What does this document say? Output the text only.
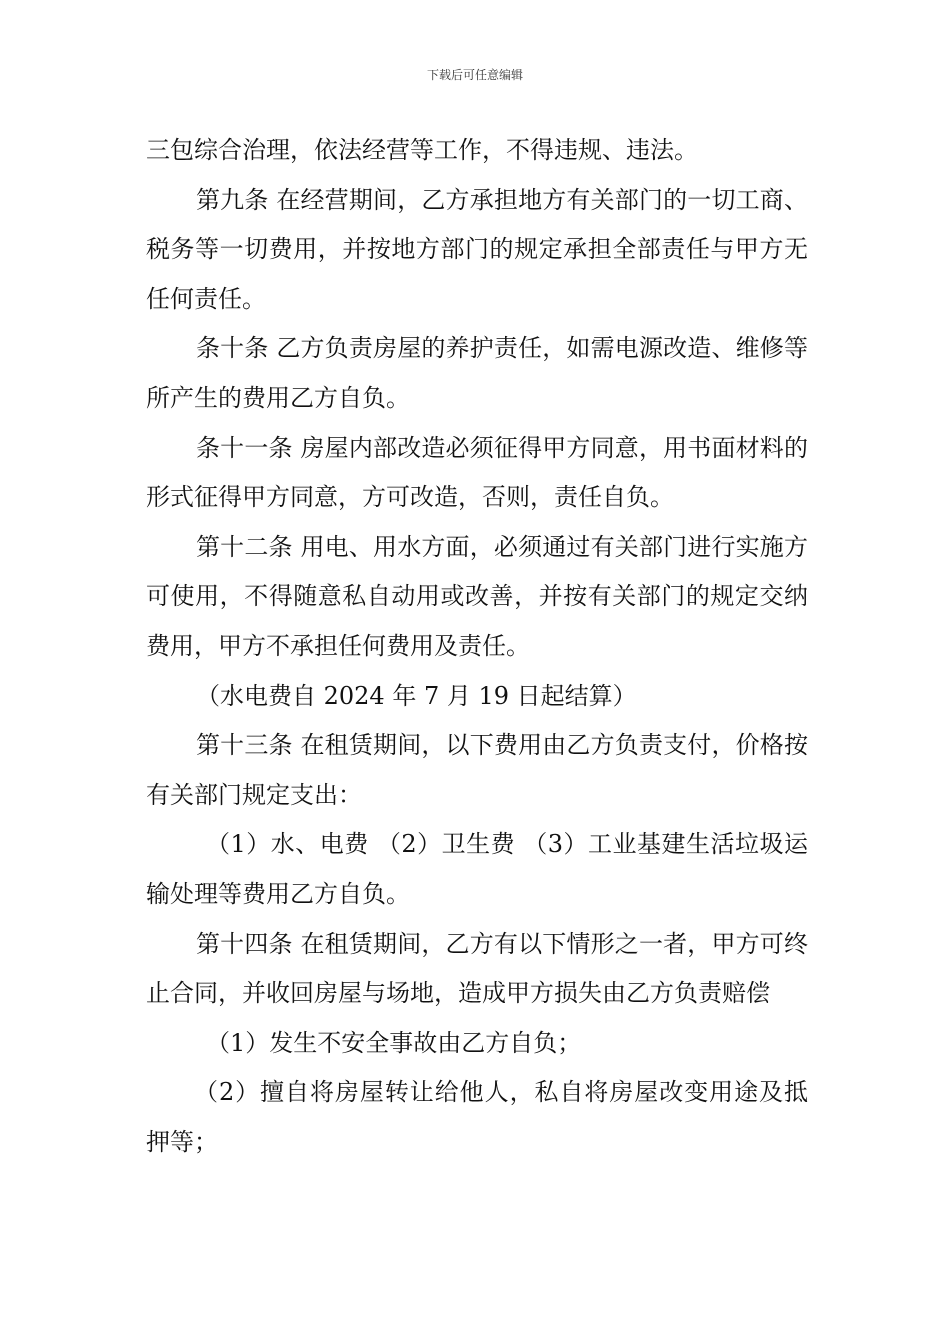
下载后可任意编辑

三包综合治理，依法经营等工作，不得违规、违法。

第九条 在经营期间，乙方承担地方有关部门的一切工商、税务等一切费用，并按地方部门的规定承担全部责任与甲方无任何责任。

条十条 乙方负责房屋的养护责任，如需电源改造、维修等所产生的费用乙方自负。

条十一条 房屋内部改造必须征得甲方同意，用书面材料的形式征得甲方同意，方可改造，否则，责任自负。

第十二条 用电、用水方面，必须通过有关部门进行实施方可使用，不得随意私自动用或改善，并按有关部门的规定交纳费用，甲方不承担任何费用及责任。

（水电费自 2024 年 7 月 19 日起结算）

第十三条 在租赁期间，以下费用由乙方负责支付，价格按有关部门规定支出：

（1）水、电费 （2）卫生费 （3）工业基建生活垃圾运输处理等费用乙方自负。

第十四条 在租赁期间，乙方有以下情形之一者，甲方可终止合同，并收回房屋与场地，造成甲方损失由乙方负责赔偿

（1）发生不安全事故由乙方自负；

（2）擅自将房屋转让给他人，私自将房屋改变用途及抵押等；
